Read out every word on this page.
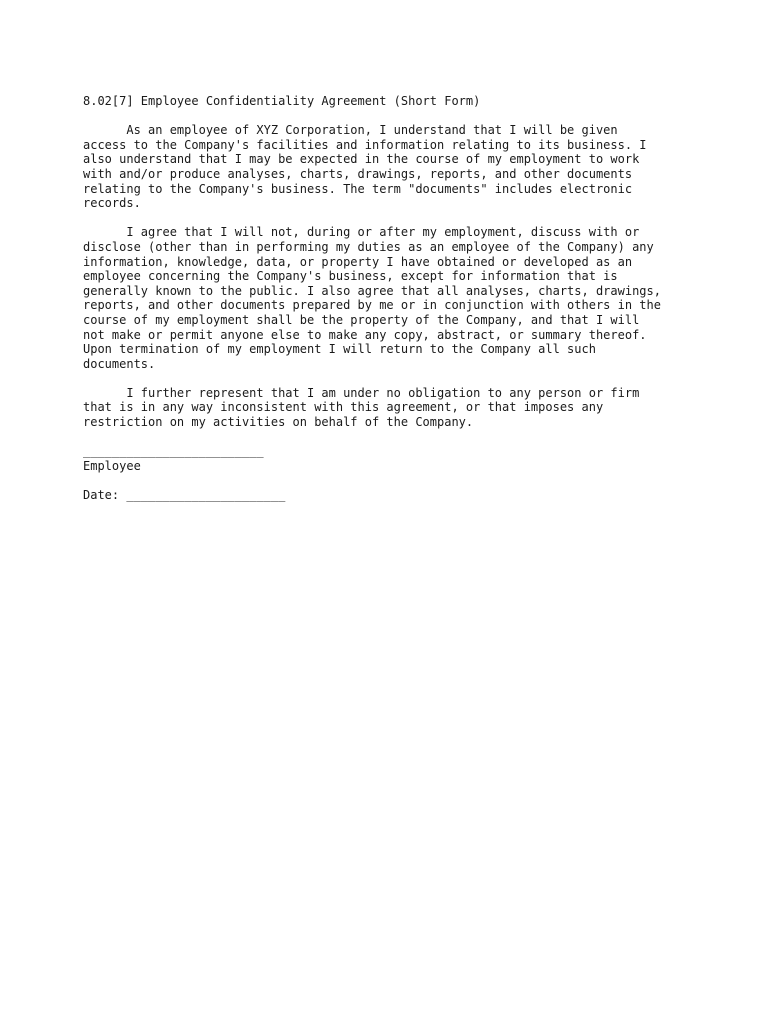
8.02[7] Employee Confidentiality Agreement (Short Form)
As an employee of XYZ Corporation, I understand that I will be given
access to the Company's facilities and information relating to its business. I
also understand that I may be expected in the course of my employment to work
with and/or produce analyses, charts, drawings, reports, and other documents
relating to the Company's business. The term "documents" includes electronic
records.
I agree that I will not, during or after my employment, discuss with or
disclose (other than in performing my duties as an employee of the Company) any
information, knowledge, data, or property I have obtained or developed as an
employee concerning the Company's business, except for information that is
generally known to the public. I also agree that all analyses, charts, drawings,
reports, and other documents prepared by me or in conjunction with others in the
course of my employment shall be the property of the Company, and that I will
not make or permit anyone else to make any copy, abstract, or summary thereof.
Upon termination of my employment I will return to the Company all such
documents.
I further represent that I am under no obligation to any person or firm
that is in any way inconsistent with this agreement, or that imposes any
restriction on my activities on behalf of the Company.
_________________________
Employee
Date: ______________________
